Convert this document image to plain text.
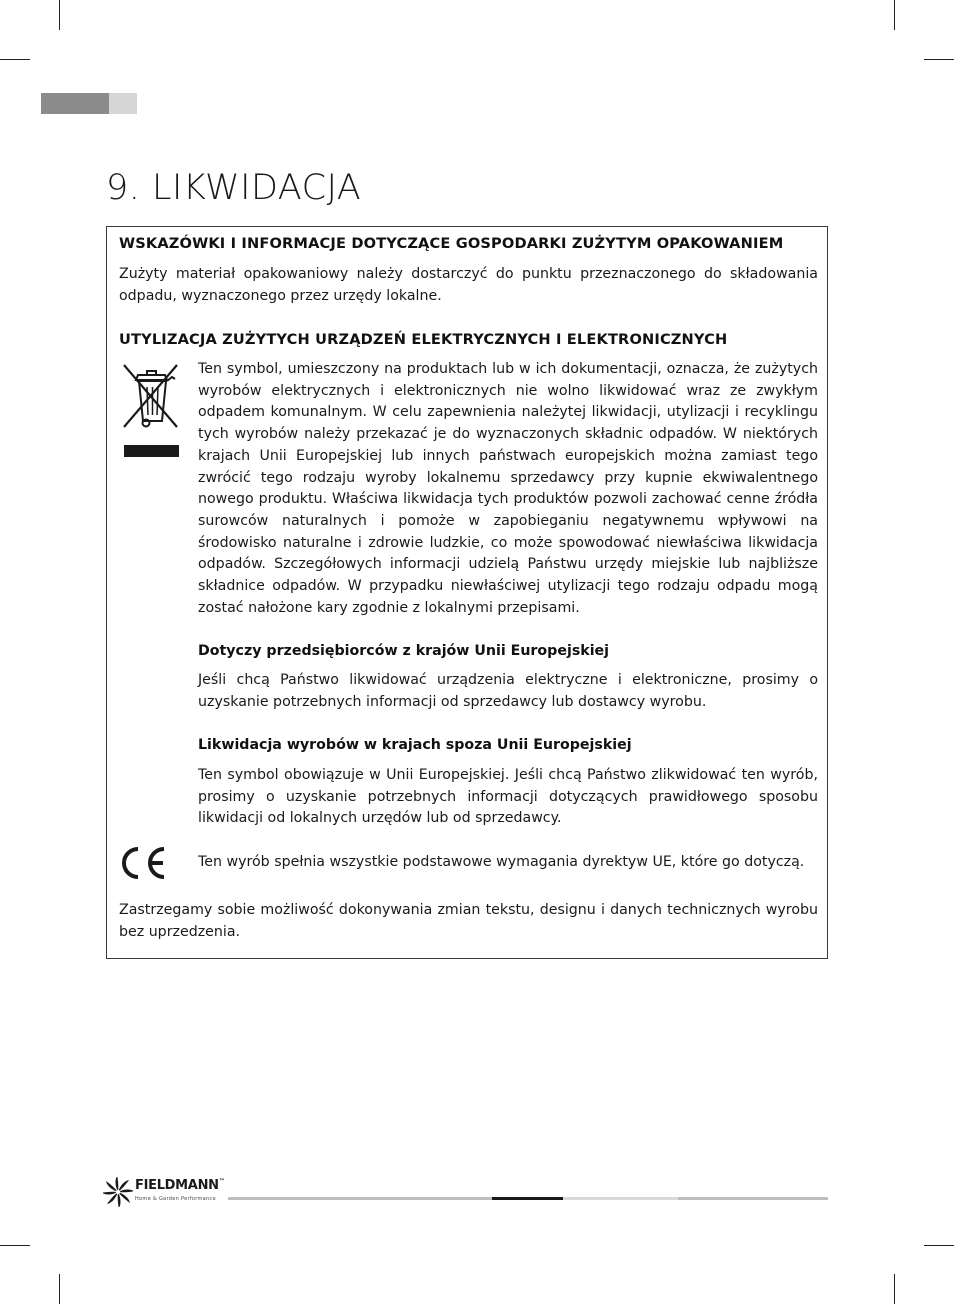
9. LIKWIDACJA
WSKAZÓWKI I INFORMACJE DOTYCZĄCE GOSPODARKI ZUŻYTYM OPAKOWANIEM

Zużyty materiał opakowaniowy należy dostarczyć do punktu przeznaczonego do składowania odpadu, wyznaczonego przez urzędy lokalne.

UTYLIZACJA ZUŻYTYCH URZĄDZEŃ ELEKTRYCZNYCH I ELEKTRONICZNYCH

Ten symbol, umieszczony na produktach lub w ich dokumentacji, oznacza, że zużytych wyrobów elektrycznych i elektronicznych nie wolno likwidować wraz ze zwykłym odpadem komunalnym. W celu zapewnienia należytej likwidacji, utylizacji i recyklingu tych wyrobów należy przekazać je do wyznaczonych składnic odpadów. W niektórych krajach Unii Europejskiej lub innych państwach europejskich można zamiast tego zwrócić tego rodzaju wyroby lokalnemu sprzedawcy przy kupnie ekwiwalentnego nowego produktu. Właściwa likwidacja tych produktów pozwoli zachować cenne źródła surowców naturalnych i pomoże w zapobieganiu negatywnemu wpływowi na środowisko naturalne i zdrowie ludzkie, co może spowodować niewłaściwa likwidacja odpadów. Szczegółowych informacji udzielą Państwu urzędy miejskie lub najbliższe składnice odpadów. W przypadku niewłaściwej utylizacji tego rodzaju odpadu mogą zostać nałożone kary zgodnie z lokalnymi przepisami.

Dotyczy przedsiębiorców z krajów Unii Europejskiej

Jeśli chcą Państwo likwidować urządzenia elektryczne i elektroniczne, prosimy o uzyskanie potrzebnych informacji od sprzedawcy lub dostawcy wyrobu.

Likwidacja wyrobów w krajach spoza Unii Europejskiej

Ten symbol obowiązuje w Unii Europejskiej. Jeśli chcą Państwo zlikwidować ten wyrób, prosimy o uzyskanie potrzebnych informacji dotyczących prawidłowego sposobu likwidacji od lokalnych urzędów lub od sprzedawcy.

Ten wyrób spełnia wszystkie podstawowe wymagania dyrektyw UE, które go dotyczą.

Zastrzegamy sobie możliwość dokonywania zmian tekstu, designu i danych technicznych wyrobu bez uprzedzenia.

FIELDMANN™

Home & Garden Performance
